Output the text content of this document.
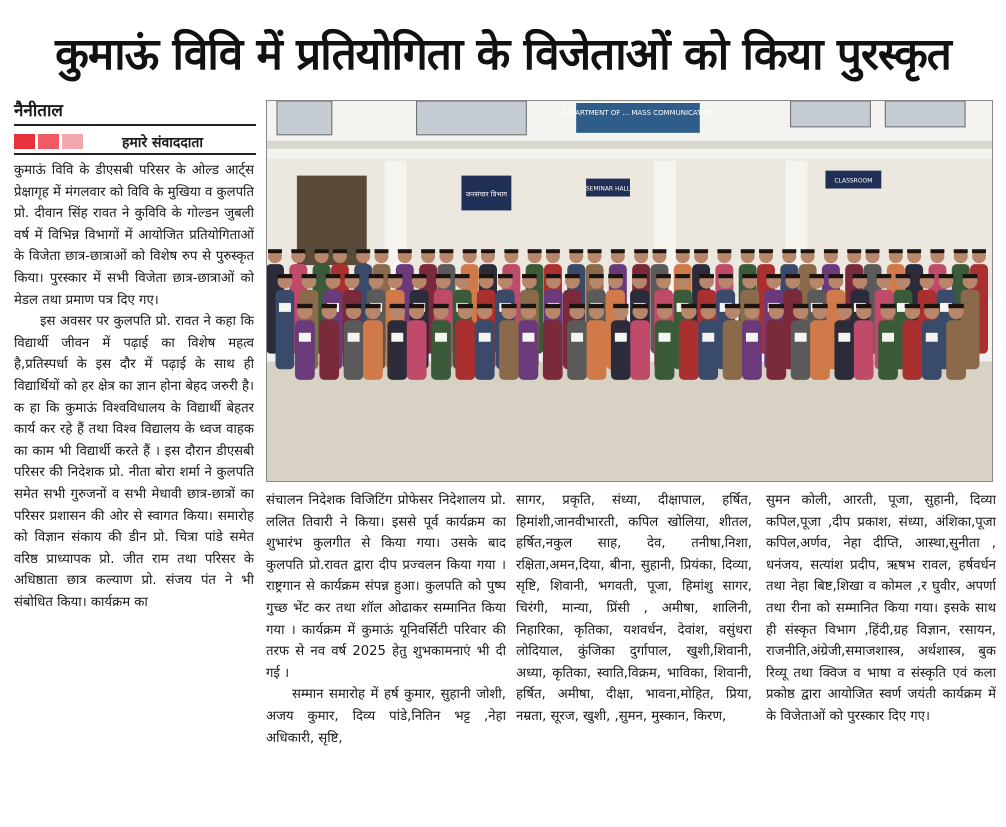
कुमाऊं विवि में प्रतियोगिता के विजेताओं को किया पुरस्कृत
नैनीताल
हमारे संवाददाता

कुमाऊं विवि के डीएसबी परिसर के ओल्ड आर्ट्स प्रेक्षागृह में मंगलवार को विवि के मुखिया व कुलपति प्रो. दीवान सिंह रावत ने कुविवि के गोल्डन जुबली वर्ष में विभिन्न विभागों में आयोजित प्रतियोगिताओं के विजेता छात्र-छात्राओं को विशेष रुप से पुरुस्कृत किया। पुरस्कार में सभी विजेता छात्र-छात्राओं को मेडल तथा प्रमाण पत्र दिए गए।

इस अवसर पर कुलपति प्रो. रावत ने कहा कि विद्यार्थी जीवन में पढ़ाई का विशेष महत्व है,प्रतिस्पर्धा के इस दौर में पढ़ाई के साथ ही विद्यार्थियों को हर क्षेत्र का ज्ञान होना बेहद जरुरी है। क हा कि कुमाऊं विश्वविधालय के विद्यार्थी बेहतर कार्य कर रहे हैं तथा विश्व विद्यालय के ध्वज वाहक का काम भी विद्यार्थी करते हैं । इस दौरान डीएसबी परिसर की निदेशक प्रो. नीता बोरा शर्मा ने कुलपति समेत सभी गुरुजनों व सभी मेधावी छात्र-छात्रों का परिसर प्रशासन की ओर से स्वागत किया। समारोह को विज्ञान संकाय की डीन प्रो. चित्रा पांडे समेत वरिष्ठ प्राध्यापक प्रो. जीत राम तथा परिसर के अधिष्ठाता छात्र कल्याण प्रो. संजय पंत ने भी संबोधित किया। कार्यक्रम का

DEPARTMENT OF ... MASS COMMUNICATION
जनसंचार विभाग
SEMINAR HALL
CLASSROOM

संचालन निदेशक विजिटिंग प्रोफेसर निदेशालय प्रो. ललित तिवारी ने किया। इससे पूर्व कार्यक्रम का शुभारंभ कुलगीत से किया गया। उसके बाद कुलपति प्रो.रावत द्वारा दीप प्रज्वलन किया गया । राष्ट्रगान से कार्यक्रम संपन्न हुआ। कुलपति को पुष्प गुच्छ भेंट कर तथा शॉल ओढाकर सम्मानित किया गया । कार्यक्रम में कुमाऊं यूनिवर्सिटी परिवार की तरफ से नव वर्ष 2025 हेतु शुभकामनाएं भी दी गई ।

सम्मान समारोह में हर्ष कुमार, सुहानी जोशी, अजय कुमार, दिव्य पांडे,नितिन भट्ट ,नेहा अधिकारी, सृष्टि,

सागर, प्रकृति, संध्या, दीक्षापाल, हर्षित, हिमांशी,जानवीभारती, कपिल खोलिया, शीतल, हर्षित,नकुल साह, देव, तनीषा,निशा, रक्षिता,अमन,दिया, बीना, सुहानी, प्रियंका, दिव्या, सृष्टि, शिवानी, भगवती, पूजा, हिमांशु सागर, चिरंगी, मान्या, प्रिंसी , अमीषा, शालिनी, निहारिका, कृतिका, यशवर्धन, देवांश, वसुंधरा लोदियाल, कुंजिका दुर्गापाल, खुशी,शिवानी, अध्या, कृतिका, स्वाति,विक्रम, भाविका, शिवानी, हर्षित, अमीषा, दीक्षा, भावना,मोहित, प्रिया, नम्रता, सूरज, खुशी, ,सुमन, मुस्कान, किरण,

सुमन कोली, आरती, पूजा, सुहानी, दिव्या कपिल,पूजा ,दीप प्रकाश, संध्या, अंशिका,पूजा कपिल,अर्णव, नेहा दीप्ति, आस्था,सुनीता , धनंजय, सत्यांश प्रदीप, ऋषभ रावल, हर्षवर्धन तथा नेहा बिष्ट,शिखा व कोमल ,र घुवीर, अपर्णा तथा रीना को सम्मानित किया गया। इसके साथ ही संस्कृत विभाग ,हिंदी,ग्रह विज्ञान, रसायन, राजनीति,अंग्रेजी,समाजशास्त्र, अर्थशास्त्र, बुक रिव्यू तथा क्विज व भाषा व संस्कृति एवं कला प्रकोष्ठ द्वारा आयोजित स्वर्ण जयंती कार्यक्रम में के विजेताओं को पुरस्कार दिए गए।
